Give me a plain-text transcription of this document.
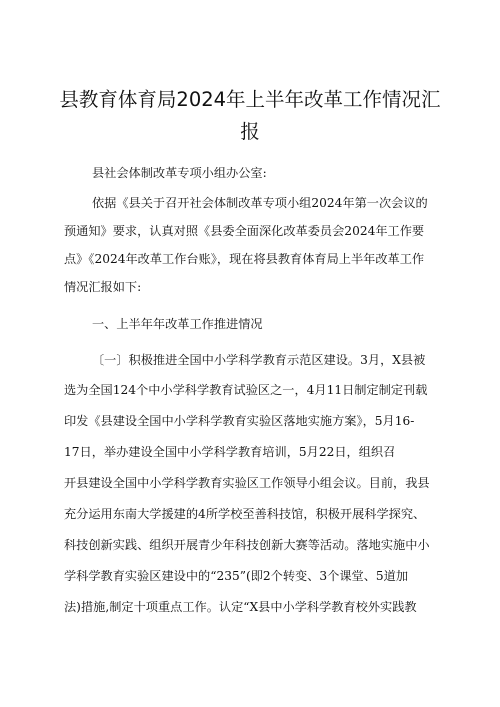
县教育体育局2024年上半年改革工作情况汇
报

县社会体制改革专项小组办公室:

依据《县关于召开社会体制改革专项小组2024年第一次会议的

预通知》要求，认真对照《县委全面深化改革委员会2024年工作要

点》《2024年改革工作台账》，现在将县教育体育局上半年改革工作

情况汇报如下:

一、上半年年改革工作推进情况

〔一〕积极推进全国中小学科学教育示范区建设。3月，X县被

选为全国124个中小学科学教育试验区之一，4月11日制定制定刊载

印发《县建设全国中小学科学教育实验区落地实施方案》，5月16-

17日，举办建设全国中小学科学教育培训，5月22日，组织召

开县建设全国中小学科学教育实验区工作领导小组会议。目前，我县

充分运用东南大学援建的4所学校至善科技馆，积极开展科学探究、

科技创新实践、组织开展青少年科技创新大赛等活动。落地实施中小

学科学教育实验区建设中的“235”(即2个转变、3个课堂、5道加

法)措施,制定十项重点工作。认定“X县中小学科学教育校外实践教
